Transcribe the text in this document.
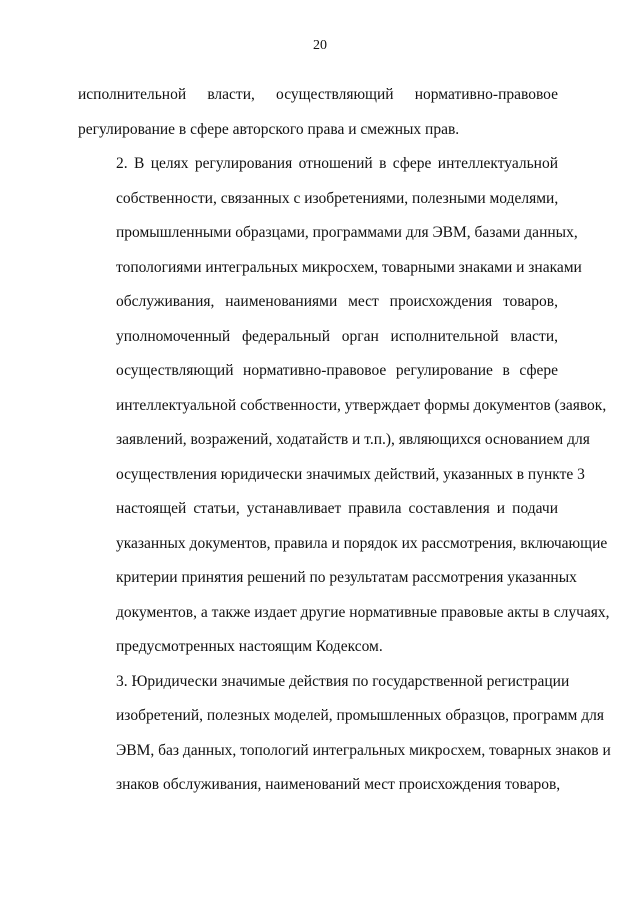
20

исполнительной власти, осуществляющий нормативно-правовое
регулирование в сфере авторского права и смежных прав.

2. В целях регулирования отношений в сфере интеллектуальной
собственности, связанных с изобретениями, полезными моделями,
промышленными образцами, программами для ЭВМ, базами данных,
топологиями интегральных микросхем, товарными знаками и знаками
обслуживания, наименованиями мест происхождения товаров,
уполномоченный федеральный орган исполнительной власти,
осуществляющий нормативно-правовое регулирование в сфере
интеллектуальной собственности, утверждает формы документов (заявок,
заявлений, возражений, ходатайств и т.п.), являющихся основанием для
осуществления юридически значимых действий, указанных в пункте 3
настоящей статьи, устанавливает правила составления и подачи
указанных документов, правила и порядок их рассмотрения, включающие
критерии принятия решений по результатам рассмотрения указанных
документов, а также издает другие нормативные правовые акты в случаях,
предусмотренных настоящим Кодексом.

3. Юридически значимые действия по государственной регистрации
изобретений, полезных моделей, промышленных образцов, программ для
ЭВМ, баз данных, топологий интегральных микросхем, товарных знаков и
знаков обслуживания, наименований мест происхождения товаров,
